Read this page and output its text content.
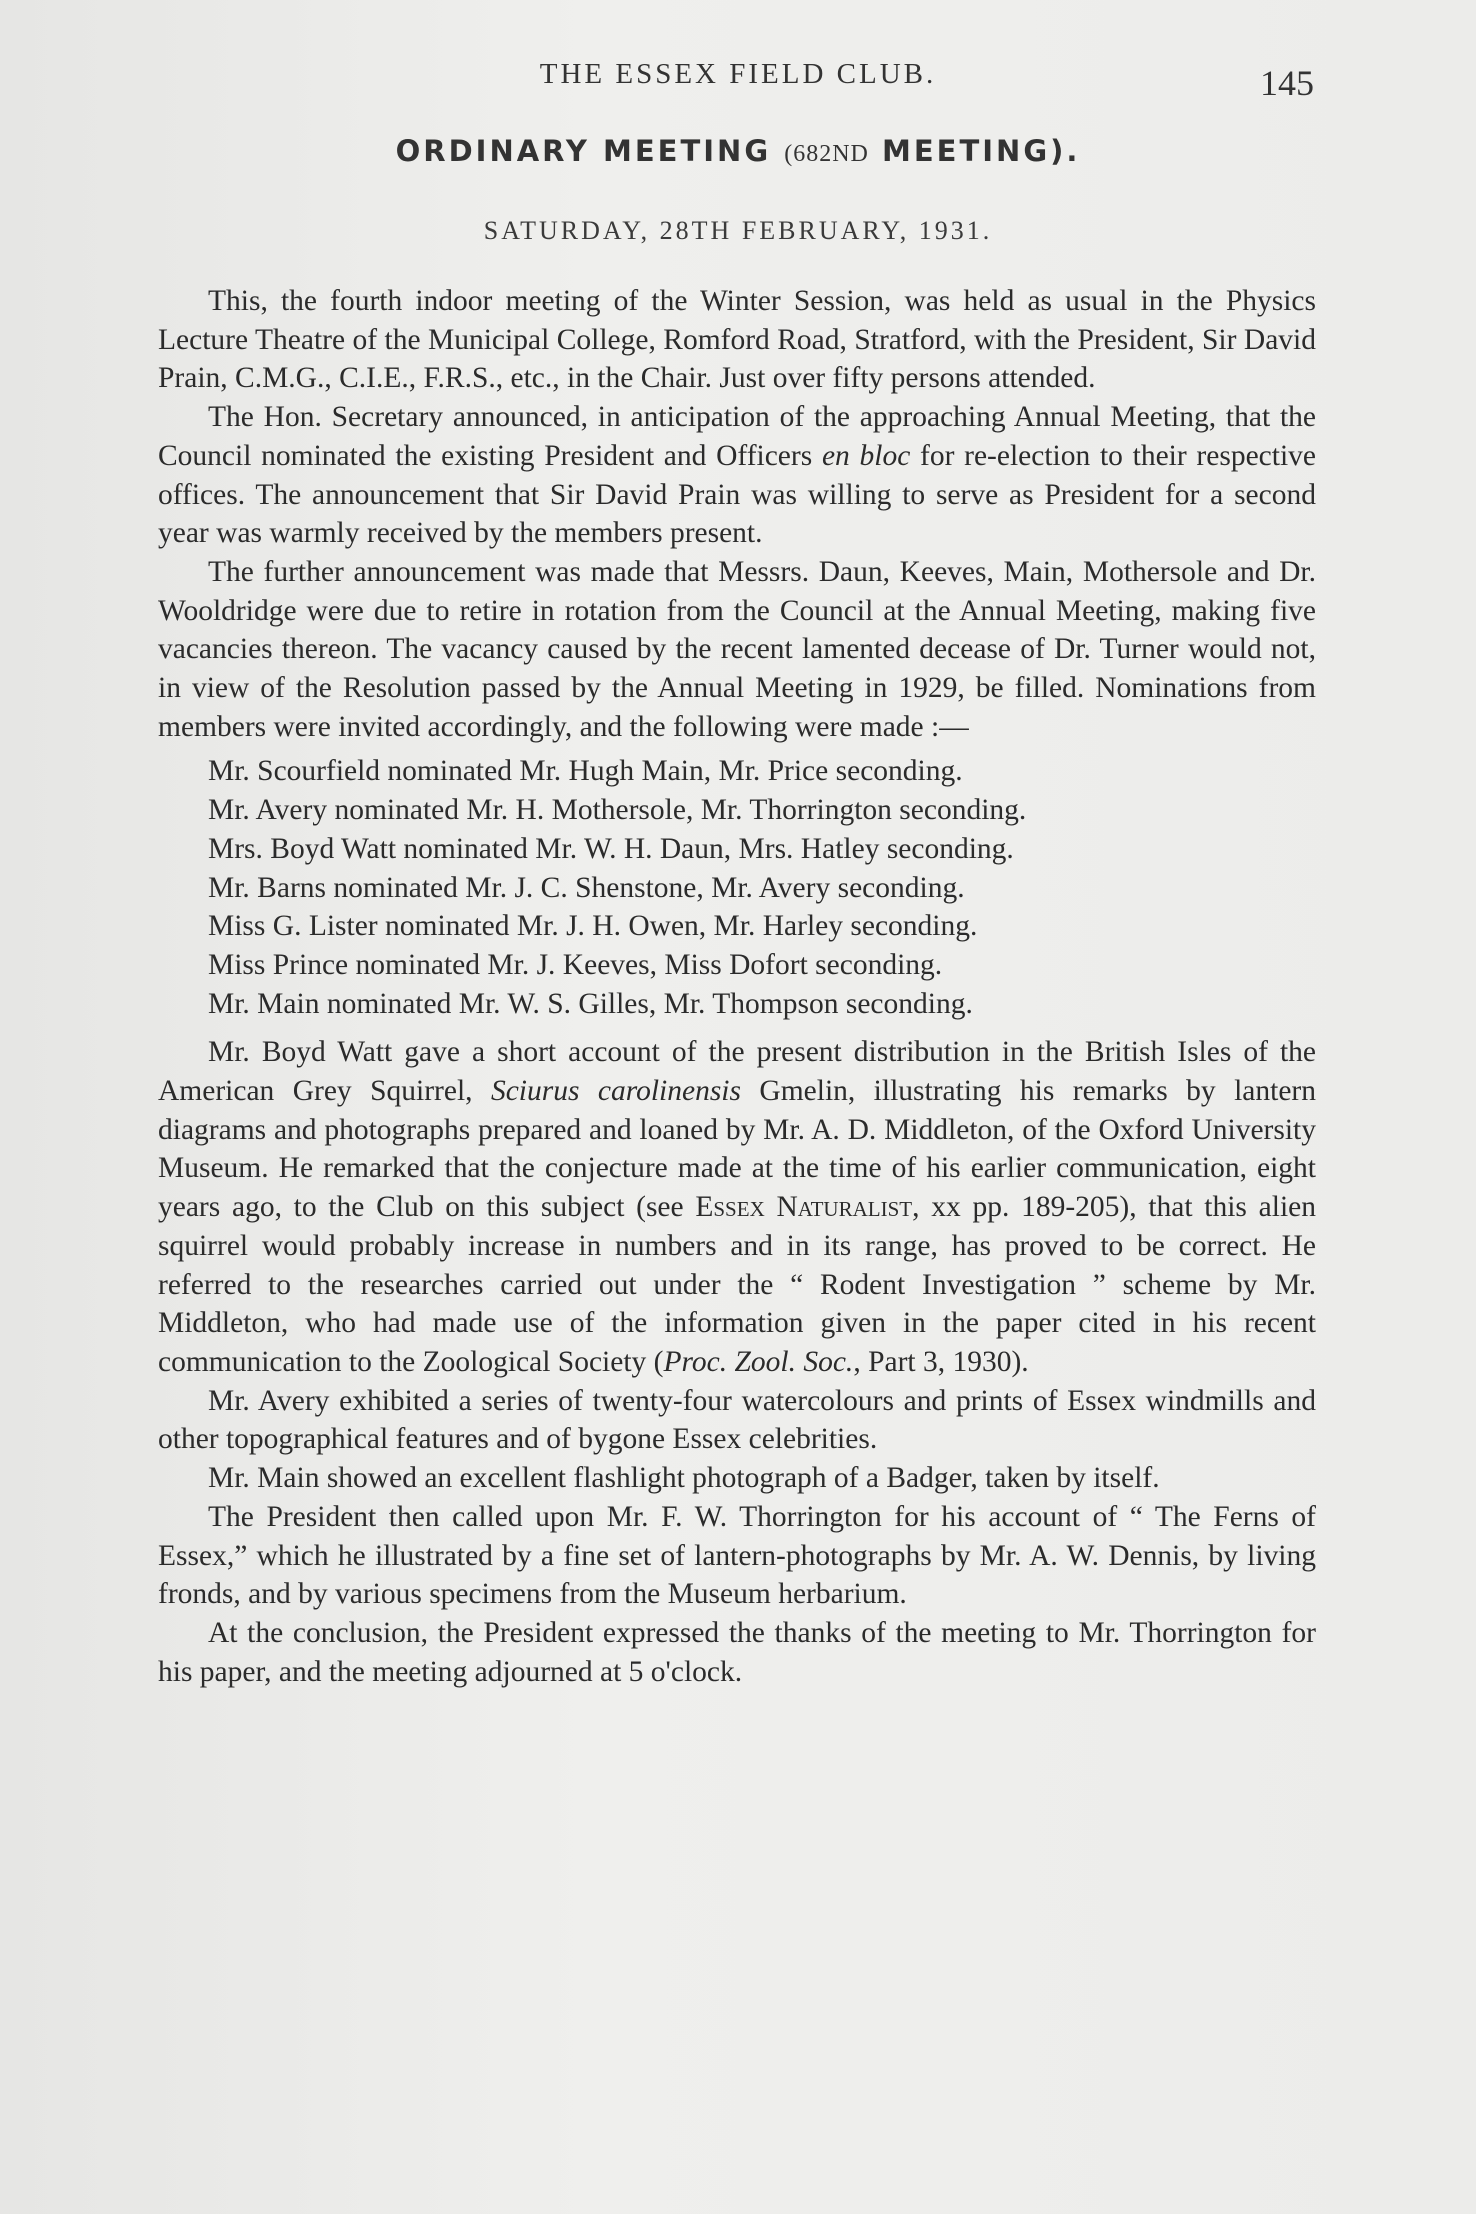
THE ESSEX FIELD CLUB.	145
ORDINARY MEETING (682ND MEETING).
SATURDAY, 28TH FEBRUARY, 1931.

This, the fourth indoor meeting of the Winter Session, was held as usual in the Physics Lecture Theatre of the Municipal College, Romford Road, Stratford, with the President, Sir David Prain, C.M.G., C.I.E., F.R.S., etc., in the Chair. Just over fifty persons attended.

The Hon. Secretary announced, in anticipation of the approaching Annual Meeting, that the Council nominated the existing President and Officers en bloc for re-election to their respective offices. The announcement that Sir David Prain was willing to serve as President for a second year was warmly received by the members present.

The further announcement was made that Messrs. Daun, Keeves, Main, Mothersole and Dr. Wooldridge were due to retire in rotation from the Council at the Annual Meeting, making five vacancies thereon. The vacancy caused by the recent lamented decease of Dr. Turner would not, in view of the Resolution passed by the Annual Meeting in 1929, be filled. Nominations from members were invited accordingly, and the following were made :—

Mr. Scourfield nominated Mr. Hugh Main, Mr. Price seconding.
Mr. Avery nominated Mr. H. Mothersole, Mr. Thorrington seconding.
Mrs. Boyd Watt nominated Mr. W. H. Daun, Mrs. Hatley seconding.
Mr. Barns nominated Mr. J. C. Shenstone, Mr. Avery seconding.
Miss G. Lister nominated Mr. J. H. Owen, Mr. Harley seconding.
Miss Prince nominated Mr. J. Keeves, Miss Dofort seconding.
Mr. Main nominated Mr. W. S. Gilles, Mr. Thompson seconding.

Mr. Boyd Watt gave a short account of the present distribution in the British Isles of the American Grey Squirrel, Sciurus carolinensis Gmelin, illustrating his remarks by lantern diagrams and photographs prepared and loaned by Mr. A. D. Middleton, of the Oxford University Museum. He remarked that the conjecture made at the time of his earlier communication, eight years ago, to the Club on this subject (see Essex Naturalist, xx pp. 189-205), that this alien squirrel would probably increase in numbers and in its range, has proved to be correct. He referred to the researches carried out under the “ Rodent Investigation ” scheme by Mr. Middleton, who had made use of the information given in the paper cited in his recent communication to the Zoological Society (Proc. Zool. Soc., Part 3, 1930).

Mr. Avery exhibited a series of twenty-four watercolours and prints of Essex windmills and other topographical features and of bygone Essex celebrities.

Mr. Main showed an excellent flashlight photograph of a Badger, taken by itself.

The President then called upon Mr. F. W. Thorrington for his account of “ The Ferns of Essex,” which he illustrated by a fine set of lantern-photographs by Mr. A. W. Dennis, by living fronds, and by various specimens from the Museum herbarium.

At the conclusion, the President expressed the thanks of the meeting to Mr. Thorrington for his paper, and the meeting adjourned at 5 o'clock.
